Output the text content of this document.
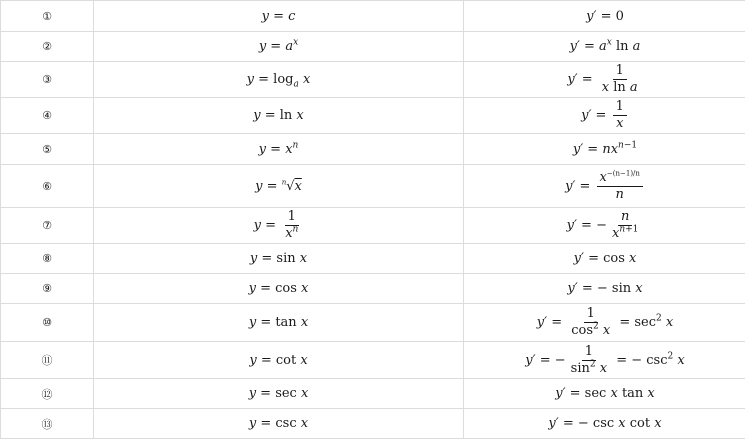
①	y = c	y′ = 0
②	$y = a^x$	$y' = a^x$ ln a
③	$y = \log_a x$	$y' = \frac{1}{\text{x ln a}}$

④	y = ln x	$y' = \frac{1}{x}$

⑤	$y = x^n$	$y' = nx^{n-1}$
⑥	y = $^n$√x	$y' = \frac{x^{-(n-1)/n}}{n}$

⑦	$y = \frac{1}{x^n}$	y′ = − $\frac{n}{x^{n+1}}$

⑧	y = sin x	y′ = cos x
⑨	y = cos x	y′ = − sin x
⑩	y = tan x	$y' = \frac{1}{\cos^2 x} = \sec^2 x$
⑪	y = cot x	y′ = − $\frac{1}{\sin^2 x}$ = − $\csc^2 x$
⑫	y = sec x	y′ = sec x tan x
⑬	y = csc x	y′ = − csc x cot x
